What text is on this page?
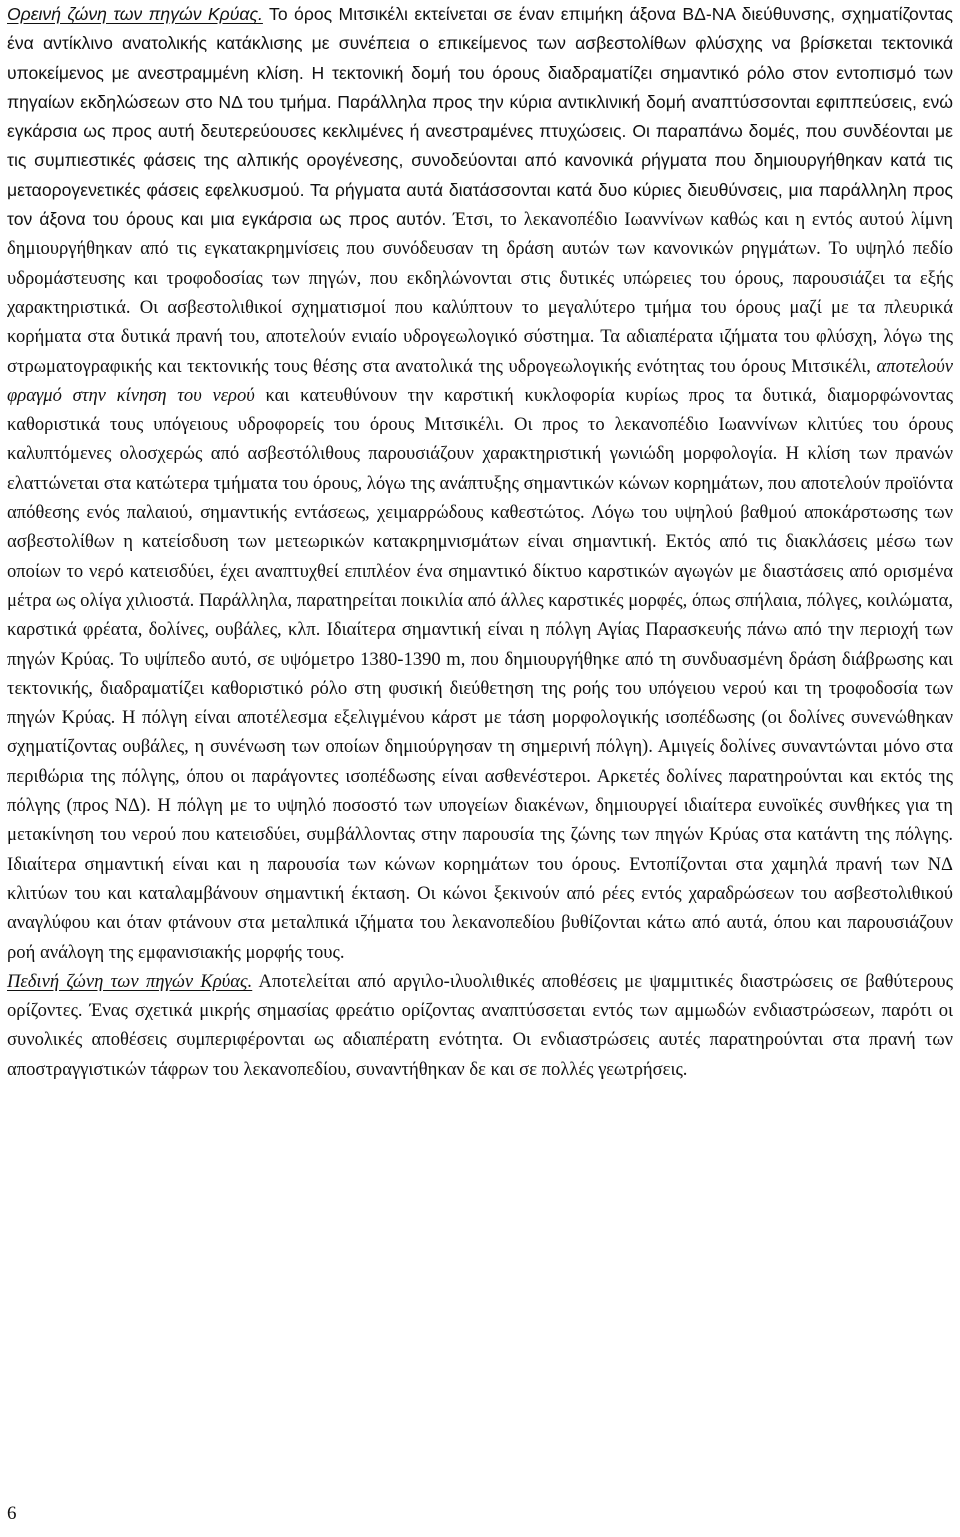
Ορεινή ζώνη των πηγών Κρύας. Το όρος Μιτσικέλι εκτείνεται σε έναν επιμήκη άξονα ΒΔ-ΝΑ διεύθυνσης, σχηματίζοντας ένα αντίκλινο ανατολικής κατάκλισης με συνέπεια ο επικείμενος των ασβεστολίθων φλύσχης να βρίσκεται τεκτονικά υποκείμενος με ανεστραμμένη κλίση. Η τεκτονική δομή του όρους διαδραματίζει σημαντικό ρόλο στον εντοπισμό των πηγαίων εκδηλώσεων στο ΝΔ του τμήμα. Παράλληλα προς την κύρια αντικλινική δομή αναπτύσσονται εφιππεύσεις, ενώ εγκάρσια ως προς αυτή δευτερεύουσες κεκλιμένες ή ανεστραμένες πτυχώσεις. Οι παραπάνω δομές, που συνδέονται με τις συμπιεστικές φάσεις της αλπικής ορογένεσης, συνοδεύονται από κανονικά ρήγματα που δημιουργήθηκαν κατά τις μεταορογενετικές φάσεις εφελκυσμού. Τα ρήγματα αυτά διατάσσονται κατά δυο κύριες διευθύνσεις, μια παράλληλη προς τον άξονα του όρους και μια εγκάρσια ως προς αυτόν. Έτσι, το λεκανοπέδιο Ιωαννίνων καθώς και η εντός αυτού λίμνη δημιουργήθηκαν από τις εγκατακρημνίσεις που συνόδευσαν τη δράση αυτών των κανονικών ρηγμάτων. Το υψηλό πεδίο υδρομάστευσης και τροφοδοσίας των πηγών, που εκδηλώνονται στις δυτικές υπώρειες του όρους, παρουσιάζει τα εξής χαρακτηριστικά. Οι ασβεστολιθικοί σχηματισμοί που καλύπτουν το μεγαλύτερο τμήμα του όρους μαζί με τα πλευρικά κορήματα στα δυτικά πρανή του, αποτελούν ενιαίο υδρογεωλογικό σύστημα. Τα αδιαπέρατα ιζήματα του φλύσχη, λόγω της στρωματογραφικής και τεκτονικής τους θέσης στα ανατολικά της υδρογεωλογικής ενότητας του όρους Μιτσικέλι, αποτελούν φραγμό στην κίνηση του νερού και κατευθύνουν την καρστική κυκλοφορία κυρίως προς τα δυτικά, διαμορφώνοντας καθοριστικά τους υπόγειους υδροφορείς του όρους Μιτσικέλι. Οι προς το λεκανοπέδιο Ιωαννίνων κλιτύες του όρους καλυπτόμενες ολοσχερώς από ασβεστόλιθους παρουσιάζουν χαρακτηριστική γωνιώδη μορφολογία. Η κλίση των πρανών ελαττώνεται στα κατώτερα τμήματα του όρους, λόγω της ανάπτυξης σημαντικών κώνων κορημάτων, που αποτελούν προϊόντα απόθεσης ενός παλαιού, σημαντικής εντάσεως, χειμαρρώδους καθεστώτος. Λόγω του υψηλού βαθμού αποκάρστωσης των ασβεστολίθων η κατείσδυση των μετεωρικών κατακρημνισμάτων είναι σημαντική. Εκτός από τις διακλάσεις μέσω των οποίων το νερό κατεισδύει, έχει αναπτυχθεί επιπλέον ένα σημαντικό δίκτυο καρστικών αγωγών με διαστάσεις από ορισμένα μέτρα ως ολίγα χιλιοστά. Παράλληλα, παρατηρείται ποικιλία από άλλες καρστικές μορφές, όπως σπήλαια, πόλγες, κοιλώματα, καρστικά φρέατα, δολίνες, ουβάλες, κλπ. Ιδιαίτερα σημαντική είναι η πόλγη Αγίας Παρασκευής πάνω από την περιοχή των πηγών Κρύας. Το υψίπεδο αυτό, σε υψόμετρο 1380-1390 m, που δημιουργήθηκε από τη συνδυασμένη δράση διάβρωσης και τεκτονικής, διαδραματίζει καθοριστικό ρόλο στη φυσική διεύθετηση της ροής του υπόγειου νερού και τη τροφοδοσία των πηγών Κρύας. Η πόλγη είναι αποτέλεσμα εξελιγμένου κάρστ με τάση μορφολογικής ισοπέδωσης (οι δολίνες συνενώθηκαν σχηματίζοντας ουβάλες, η συνένωση των οποίων δημιούργησαν τη σημερινή πόλγη). Αμιγείς δολίνες συναντώνται μόνο στα περιθώρια της πόλγης, όπου οι παράγοντες ισοπέδωσης είναι ασθενέστεροι. Αρκετές δολίνες παρατηρούνται και εκτός της πόλγης (προς ΝΔ). Η πόλγη με το υψηλό ποσοστό των υπογείων διακένων, δημιουργεί ιδιαίτερα ευνοϊκές συνθήκες για τη μετακίνηση του νερού που κατεισδύει, συμβάλλοντας στην παρουσία της ζώνης των πηγών Κρύας στα κατάντη της πόλγης. Ιδιαίτερα σημαντική είναι και η παρουσία των κώνων κορημάτων του όρους. Εντοπίζονται στα χαμηλά πρανή των ΝΔ κλιτύων του και καταλαμβάνουν σημαντική έκταση. Οι κώνοι ξεκινούν από ρέες εντός χαραδρώσεων του ασβεστολιθικού αναγλύφου και όταν φτάνουν στα μεταλπικά ιζήματα του λεκανοπεδίου βυθίζονται κάτω από αυτά, όπου και παρουσιάζουν ροή ανάλογη της εμφανισιακής μορφής τους.

Πεδινή ζώνη των πηγών Κρύας. Αποτελείται από αργιλο-ιλυολιθικές αποθέσεις με ψαμμιτικές διαστρώσεις σε βαθύτερους ορίζοντες. Ένας σχετικά μικρής σημασίας φρεάτιο ορίζοντας αναπτύσσεται εντός των αμμωδών ενδιαστρώσεων, παρότι οι συνολικές αποθέσεις συμπεριφέρονται ως αδιαπέρατη ενότητα. Οι ενδιαστρώσεις αυτές παρατηρούνται στα πρανή των αποστραγγιστικών τάφρων του λεκανοπεδίου, συναντήθηκαν δε και σε πολλές γεωτρήσεις.

6
